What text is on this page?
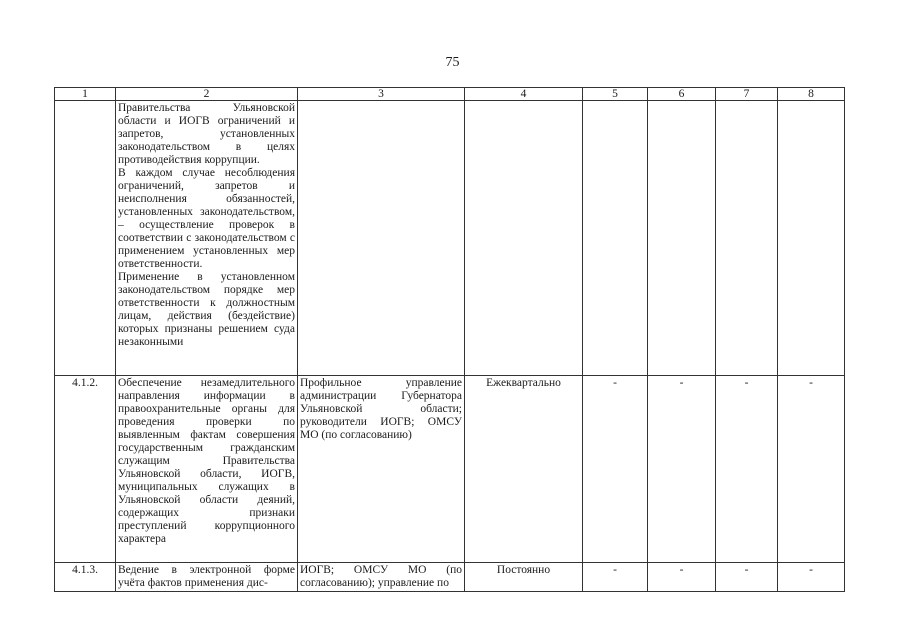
75
1	2	3	4	5	6	7	8

	Правительства Ульяновской области и ИОГВ ограничений и запретов, установленных законодательством в целях противодействия коррупции.

В каждом случае несоблюдения ограничений, запретов и неисполнения обязанностей, установленных законодательством, – осуществление проверок в соответствии с законодательством с применением установленных мер ответственности.

Применение в установленном законодательством порядке мер ответственности к должностным лицам, действия (бездействие) которых признаны решением суда незаконными						

4.1.2.	Обеспечение незамедлительного направления информации в правоохранительные органы для проведения проверки по выявленным фактам совершения государственным гражданским служащим Правительства Ульяновской области, ИОГВ, муниципальных служащих в Ульяновской области деяний, содержащих признаки преступлений коррупционного характера	Профильное управление администрации Губернатора Ульяновской области; руководители ИОГВ; ОМСУ МО (по согласованию)	Ежеквартально	-	-	-	-
4.1.3.	Ведение в электронной форме учёта фактов применения дис-	ИОГВ; ОМСУ МО (по согласованию); управление по	Постоянно	-	-	-	-
